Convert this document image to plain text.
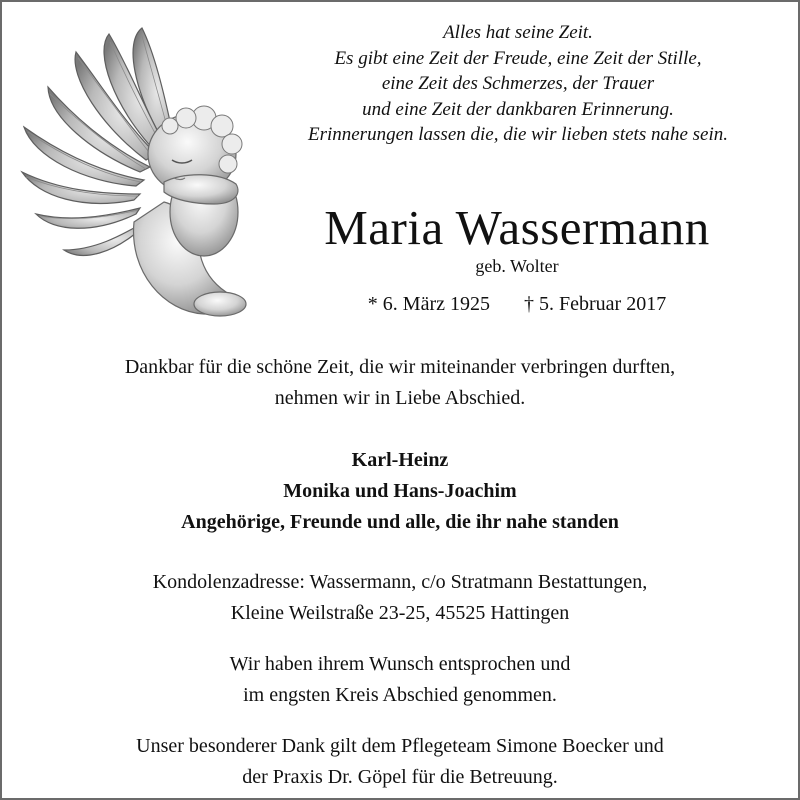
Alles hat seine Zeit.
Es gibt eine Zeit der Freude, eine Zeit der Stille,
eine Zeit des Schmerzes, der Trauer
und eine Zeit der dankbaren Erinnerung.
Erinnerungen lassen die, die wir lieben stets nahe sein.
Maria Wassermann
geb. Wolter
* 6. März 1925 † 5. Februar 2017
Dankbar für die schöne Zeit, die wir miteinander verbringen durften,
nehmen wir in Liebe Abschied.
Karl-Heinz
Monika und Hans-Joachim
Angehörige, Freunde und alle, die ihr nahe standen
Kondolenzadresse: Wassermann, c/o Stratmann Bestattungen,
Kleine Weilstraße 23-25, 45525 Hattingen
Wir haben ihrem Wunsch entsprochen und
im engsten Kreis Abschied genommen.
Unser besonderer Dank gilt dem Pflegeteam Simone Boecker und
der Praxis Dr. Göpel für die Betreuung.
